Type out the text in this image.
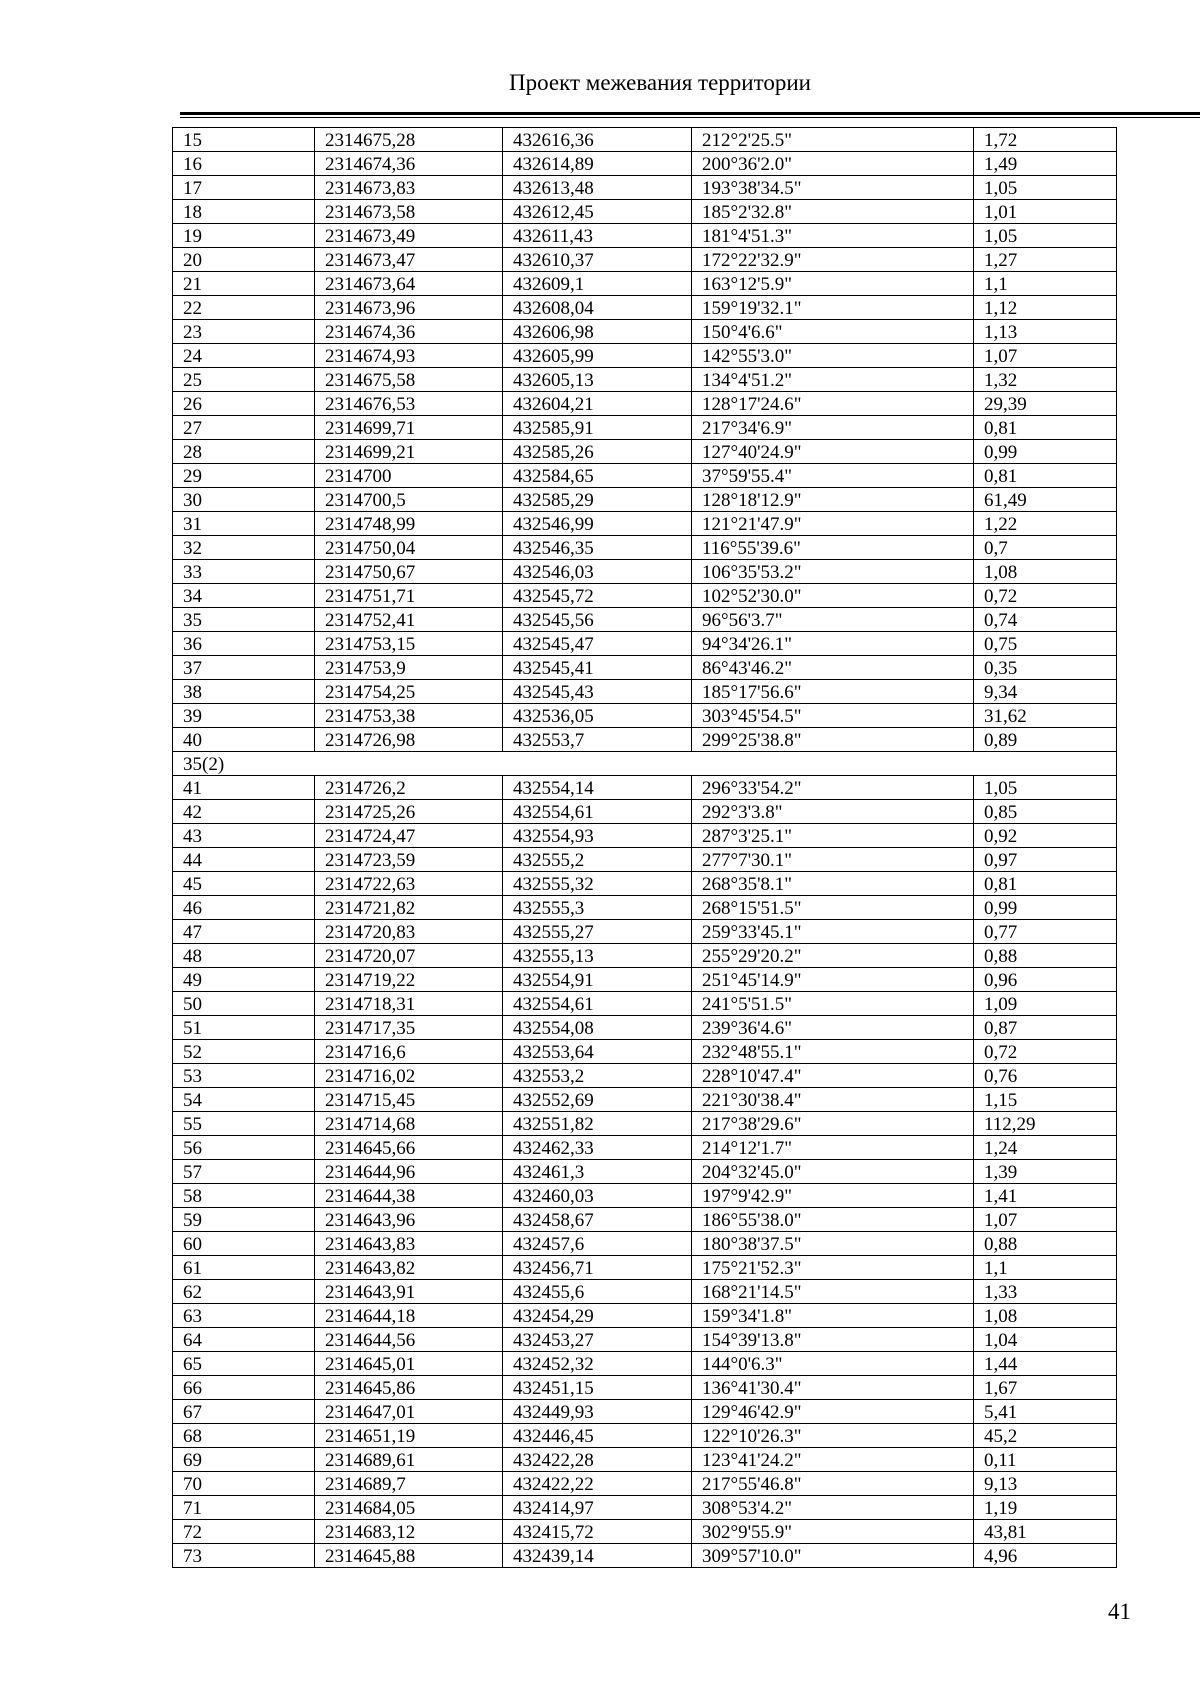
Проект межевания территории
15	2314675,28	432616,36	212°2'25.5"	1,72
16	2314674,36	432614,89	200°36'2.0"	1,49
17	2314673,83	432613,48	193°38'34.5"	1,05
18	2314673,58	432612,45	185°2'32.8"	1,01
19	2314673,49	432611,43	181°4'51.3"	1,05
20	2314673,47	432610,37	172°22'32.9"	1,27
21	2314673,64	432609,1	163°12'5.9"	1,1
22	2314673,96	432608,04	159°19'32.1"	1,12
23	2314674,36	432606,98	150°4'6.6"	1,13
24	2314674,93	432605,99	142°55'3.0"	1,07
25	2314675,58	432605,13	134°4'51.2"	1,32
26	2314676,53	432604,21	128°17'24.6"	29,39
27	2314699,71	432585,91	217°34'6.9"	0,81
28	2314699,21	432585,26	127°40'24.9"	0,99
29	2314700	432584,65	37°59'55.4"	0,81
30	2314700,5	432585,29	128°18'12.9"	61,49
31	2314748,99	432546,99	121°21'47.9"	1,22
32	2314750,04	432546,35	116°55'39.6"	0,7
33	2314750,67	432546,03	106°35'53.2"	1,08
34	2314751,71	432545,72	102°52'30.0"	0,72
35	2314752,41	432545,56	96°56'3.7"	0,74
36	2314753,15	432545,47	94°34'26.1"	0,75
37	2314753,9	432545,41	86°43'46.2"	0,35
38	2314754,25	432545,43	185°17'56.6"	9,34
39	2314753,38	432536,05	303°45'54.5"	31,62
40	2314726,98	432553,7	299°25'38.8"	0,89
35(2)				
41	2314726,2	432554,14	296°33'54.2"	1,05
42	2314725,26	432554,61	292°3'3.8"	0,85
43	2314724,47	432554,93	287°3'25.1"	0,92
44	2314723,59	432555,2	277°7'30.1"	0,97
45	2314722,63	432555,32	268°35'8.1"	0,81
46	2314721,82	432555,3	268°15'51.5"	0,99
47	2314720,83	432555,27	259°33'45.1"	0,77
48	2314720,07	432555,13	255°29'20.2"	0,88
49	2314719,22	432554,91	251°45'14.9"	0,96
50	2314718,31	432554,61	241°5'51.5"	1,09
51	2314717,35	432554,08	239°36'4.6"	0,87
52	2314716,6	432553,64	232°48'55.1"	0,72
53	2314716,02	432553,2	228°10'47.4"	0,76
54	2314715,45	432552,69	221°30'38.4"	1,15
55	2314714,68	432551,82	217°38'29.6"	112,29
56	2314645,66	432462,33	214°12'1.7"	1,24
57	2314644,96	432461,3	204°32'45.0"	1,39
58	2314644,38	432460,03	197°9'42.9"	1,41
59	2314643,96	432458,67	186°55'38.0"	1,07
60	2314643,83	432457,6	180°38'37.5"	0,88
61	2314643,82	432456,71	175°21'52.3"	1,1
62	2314643,91	432455,6	168°21'14.5"	1,33
63	2314644,18	432454,29	159°34'1.8"	1,08
64	2314644,56	432453,27	154°39'13.8"	1,04
65	2314645,01	432452,32	144°0'6.3"	1,44
66	2314645,86	432451,15	136°41'30.4"	1,67
67	2314647,01	432449,93	129°46'42.9"	5,41
68	2314651,19	432446,45	122°10'26.3"	45,2
69	2314689,61	432422,28	123°41'24.2"	0,11
70	2314689,7	432422,22	217°55'46.8"	9,13
71	2314684,05	432414,97	308°53'4.2"	1,19
72	2314683,12	432415,72	302°9'55.9"	43,81
73	2314645,88	432439,14	309°57'10.0"	4,96
41
